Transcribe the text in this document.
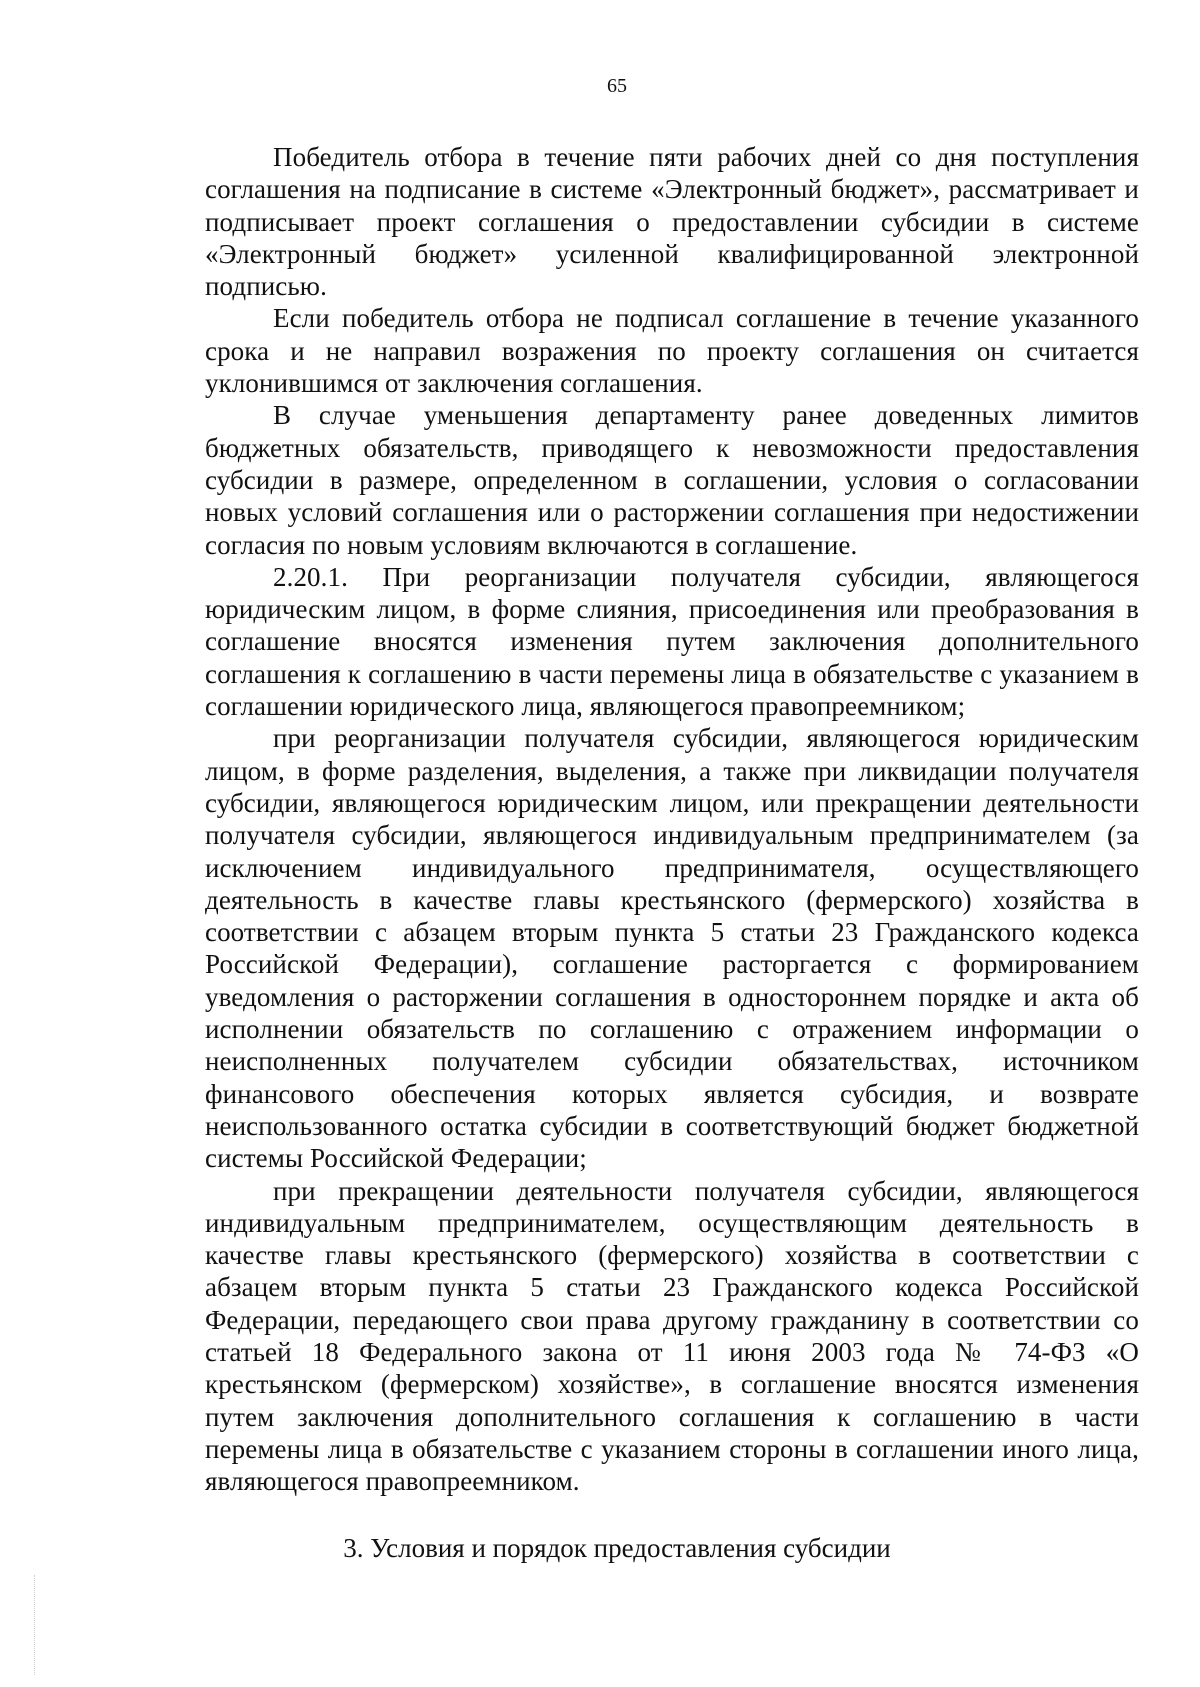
65

Победитель отбора в течение пяти рабочих дней со дня поступления соглашения на подписание в системе «Электронный бюджет», рассматривает и подписывает проект соглашения о предоставлении субсидии в системе «Электронный бюджет» усиленной квалифицированной электронной подписью.

Если победитель отбора не подписал соглашение в течение указанного срока и не направил возражения по проекту соглашения он считается уклонившимся от заключения соглашения.

В случае уменьшения департаменту ранее доведенных лимитов бюджетных обязательств, приводящего к невозможности предоставления субсидии в размере, определенном в соглашении, условия о согласовании новых условий соглашения или о расторжении соглашения при недостижении согласия по новым условиям включаются в соглашение.

2.20.1. При реорганизации получателя субсидии, являющегося юридическим лицом, в форме слияния, присоединения или преобразования в соглашение вносятся изменения путем заключения дополнительного соглашения к соглашению в части перемены лица в обязательстве с указанием в соглашении юридического лица, являющегося правопреемником;

при реорганизации получателя субсидии, являющегося юридическим лицом, в форме разделения, выделения, а также при ликвидации получателя субсидии, являющегося юридическим лицом, или прекращении деятельности получателя субсидии, являющегося индивидуальным предпринимателем (за исключением индивидуального предпринимателя, осуществляющего деятельность в качестве главы крестьянского (фермерского) хозяйства в соответствии с абзацем вторым пункта 5 статьи 23 Гражданского кодекса Российской Федерации), соглашение расторгается с формированием уведомления о расторжении соглашения в одностороннем порядке и акта об исполнении обязательств по соглашению с отражением информации о неисполненных получателем субсидии обязательствах, источником финансового обеспечения которых является субсидия, и возврате неиспользованного остатка субсидии в соответствующий бюджет бюджетной системы Российской Федерации;

при прекращении деятельности получателя субсидии, являющегося индивидуальным предпринимателем, осуществляющим деятельность в качестве главы крестьянского (фермерского) хозяйства в соответствии с абзацем вторым пункта 5 статьи 23 Гражданского кодекса Российской Федерации, передающего свои права другому гражданину в соответствии со статьей 18 Федерального закона от 11 июня 2003 года № 74-ФЗ «О крестьянском (фермерском) хозяйстве», в соглашение вносятся изменения путем заключения дополнительного соглашения к соглашению в части перемены лица в обязательстве с указанием стороны в соглашении иного лица, являющегося правопреемником.

3. Условия и порядок предоставления субсидии
